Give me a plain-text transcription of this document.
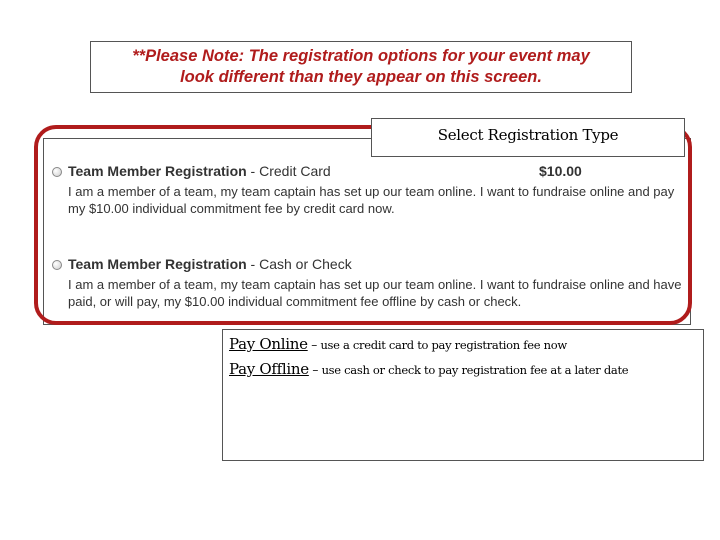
**Please Note: The registration options for your event may
look different than they appear on this screen.
Team Member Registration - Credit Card	$10.00
I am a member of a team, my team captain has set up our team online. I want to fundraise online and pay my $10.00 individual commitment fee by credit card now.
Team Member Registration - Cash or Check
I am a member of a team, my team captain has set up our team online. I want to fundraise online and have paid, or will pay, my $10.00 individual commitment fee offline by cash or check.
Select Registration Type
Pay Online – use a credit card to pay registration fee now
Pay Offline – use cash or check to pay registration fee at a later date
